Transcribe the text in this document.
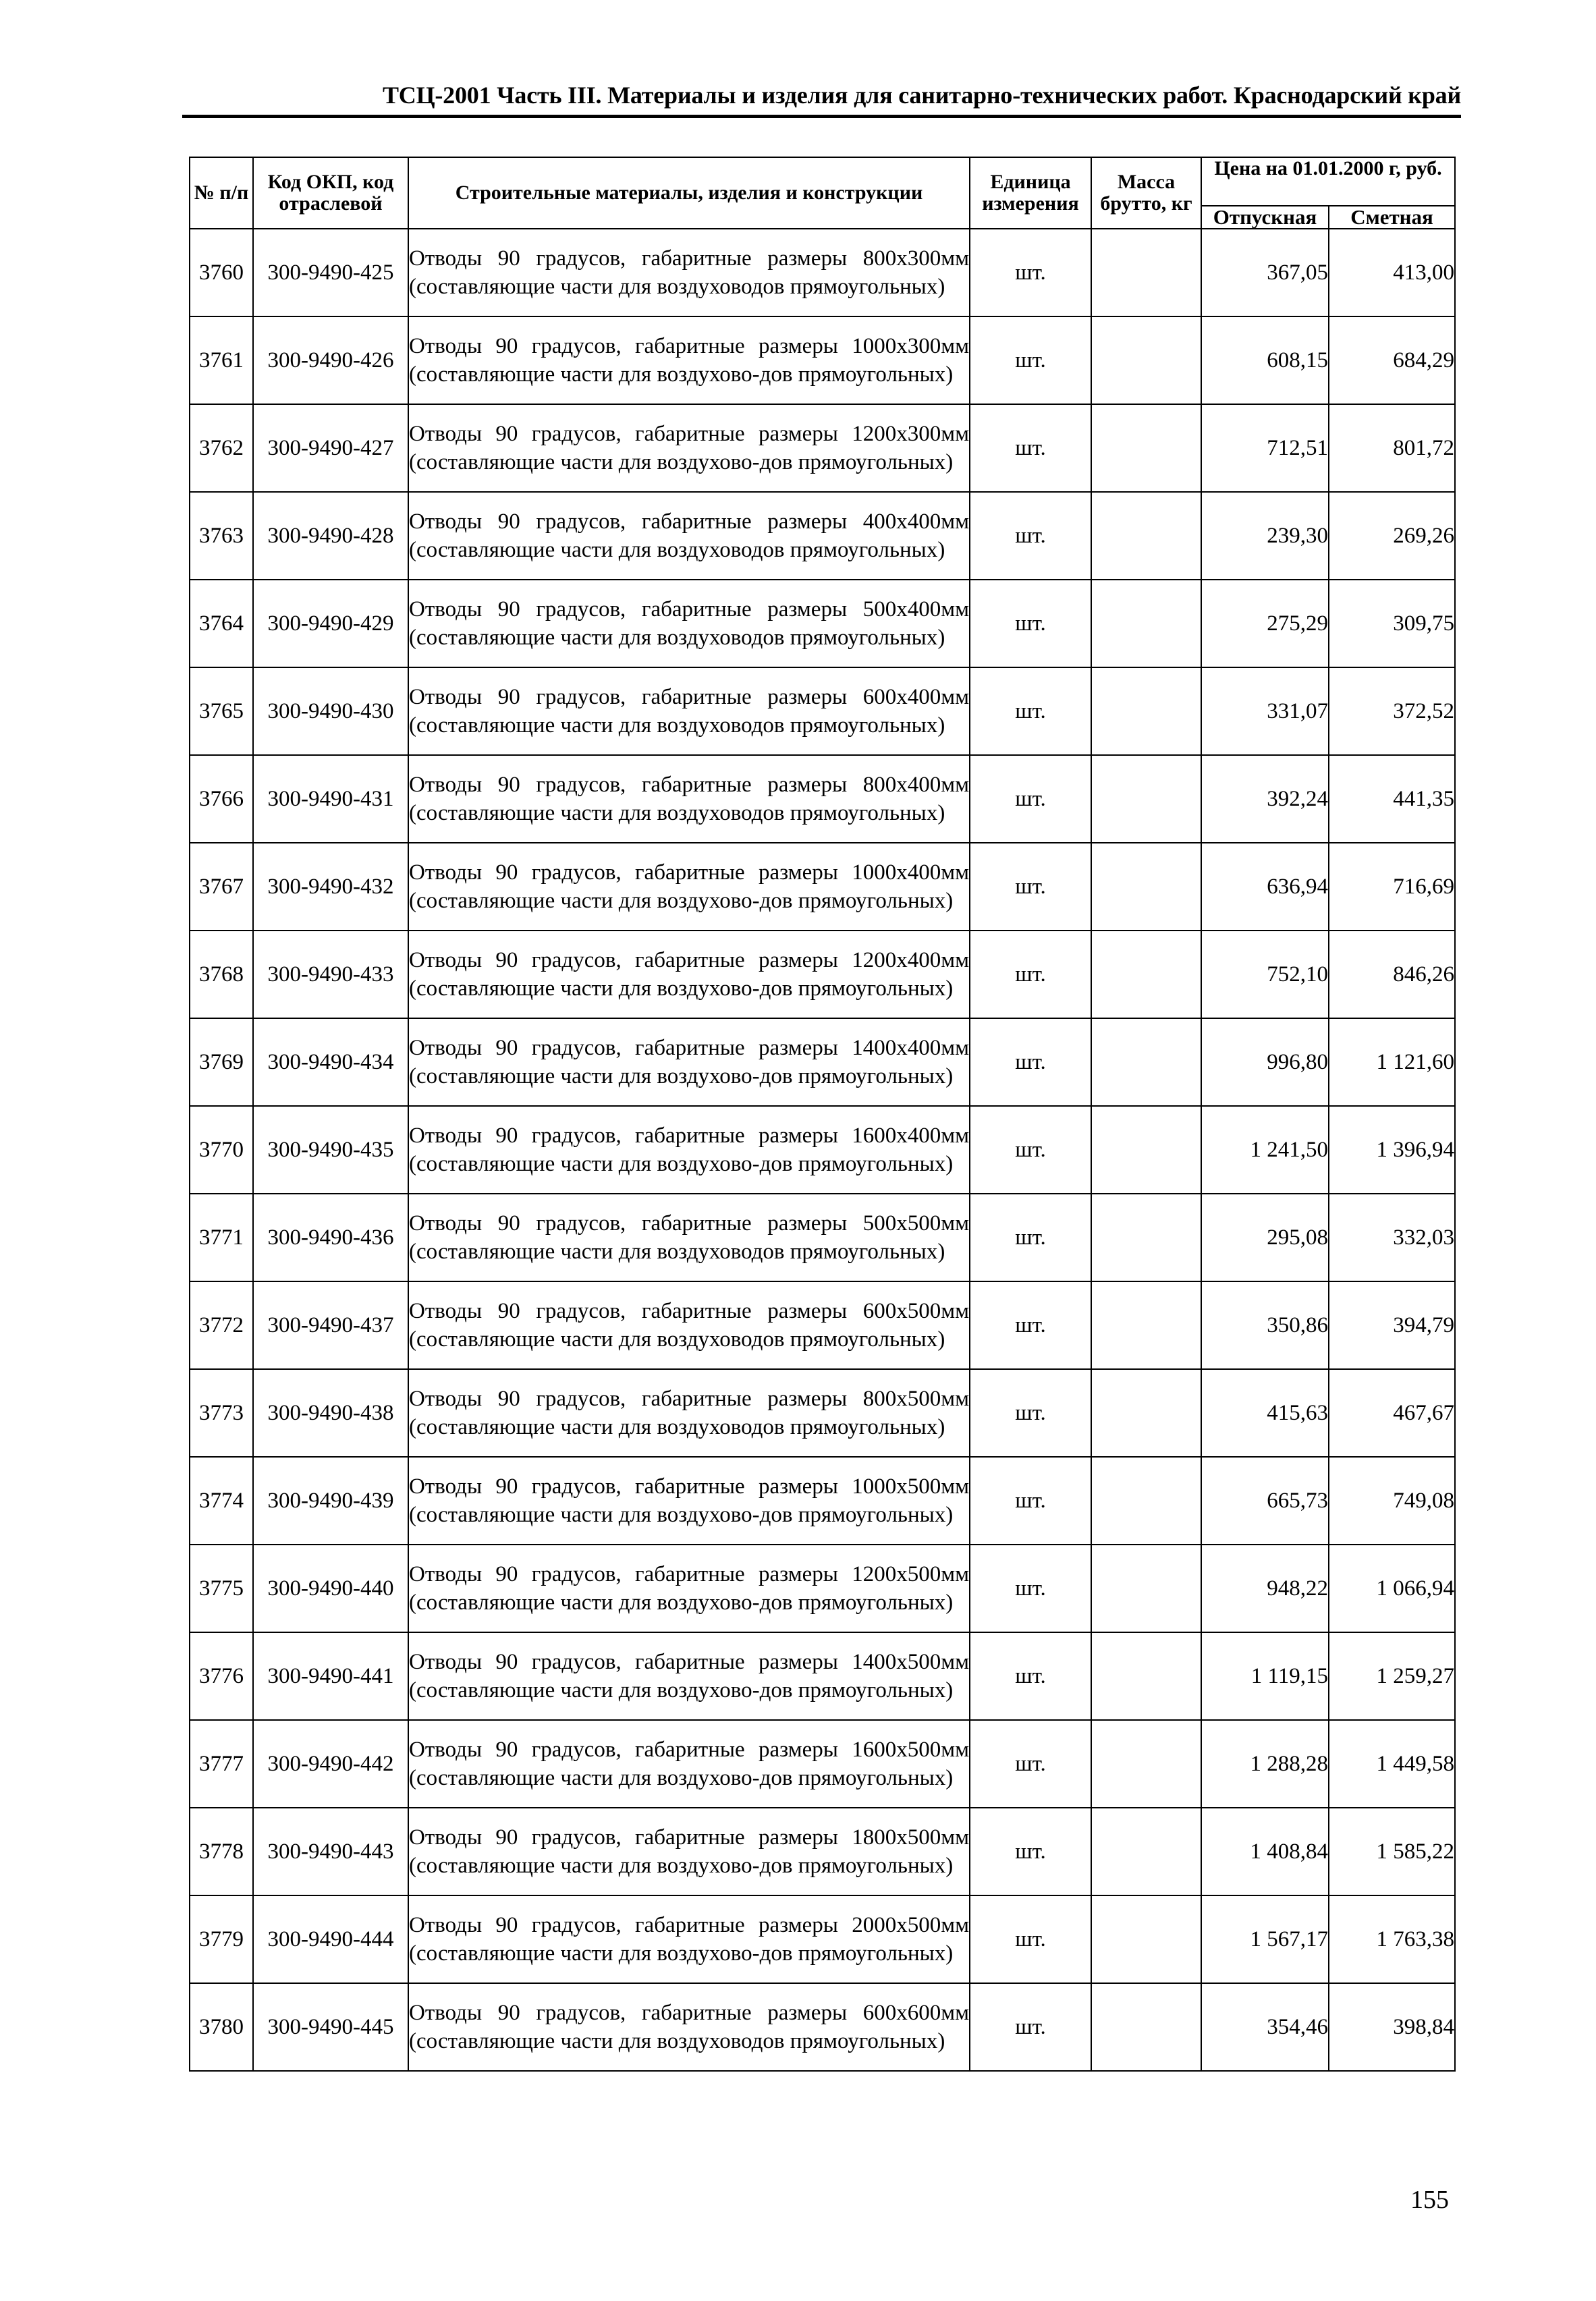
ТСЦ-2001 Часть III. Материалы и изделия для санитарно-технических работ. Краснодарский край
№ п/п	Код ОКП, код отраслевой	Строительные материалы, изделия и конструкции	Единица измерения	Масса брутто, кг	Цена на 01.01.2000 г, руб.	
					Отпускная	Сметная
3760	300-9490-425	Отводы 90 градусов, габаритные размеры 800х300мм (составляющие части для воздуховодов прямоугольных)	шт.		367,05	413,00
3761	300-9490-426	Отводы 90 градусов, габаритные размеры 1000х300мм (составляющие части для воздухово-дов прямоугольных)	шт.		608,15	684,29
3762	300-9490-427	Отводы 90 градусов, габаритные размеры 1200х300мм (составляющие части для воздухово-дов прямоугольных)	шт.		712,51	801,72
3763	300-9490-428	Отводы 90 градусов, габаритные размеры 400х400мм (составляющие части для воздуховодов прямоугольных)	шт.		239,30	269,26
3764	300-9490-429	Отводы 90 градусов, габаритные размеры 500х400мм (составляющие части для воздуховодов прямоугольных)	шт.		275,29	309,75
3765	300-9490-430	Отводы 90 градусов, габаритные размеры 600х400мм (составляющие части для воздуховодов прямоугольных)	шт.		331,07	372,52
3766	300-9490-431	Отводы 90 градусов, габаритные размеры 800х400мм (составляющие части для воздуховодов прямоугольных)	шт.		392,24	441,35
3767	300-9490-432	Отводы 90 градусов, габаритные размеры 1000х400мм (составляющие части для воздухово-дов прямоугольных)	шт.		636,94	716,69
3768	300-9490-433	Отводы 90 градусов, габаритные размеры 1200х400мм (составляющие части для воздухово-дов прямоугольных)	шт.		752,10	846,26
3769	300-9490-434	Отводы 90 градусов, габаритные размеры 1400х400мм (составляющие части для воздухово-дов прямоугольных)	шт.		996,80	1 121,60
3770	300-9490-435	Отводы 90 градусов, габаритные размеры 1600х400мм (составляющие части для воздухово-дов прямоугольных)	шт.		1 241,50	1 396,94
3771	300-9490-436	Отводы 90 градусов, габаритные размеры 500х500мм (составляющие части для воздуховодов прямоугольных)	шт.		295,08	332,03
3772	300-9490-437	Отводы 90 градусов, габаритные размеры 600х500мм (составляющие части для воздуховодов прямоугольных)	шт.		350,86	394,79
3773	300-9490-438	Отводы 90 градусов, габаритные размеры 800х500мм (составляющие части для воздуховодов прямоугольных)	шт.		415,63	467,67
3774	300-9490-439	Отводы 90 градусов, габаритные размеры 1000х500мм (составляющие части для воздухово-дов прямоугольных)	шт.		665,73	749,08
3775	300-9490-440	Отводы 90 градусов, габаритные размеры 1200х500мм (составляющие части для воздухово-дов прямоугольных)	шт.		948,22	1 066,94
3776	300-9490-441	Отводы 90 градусов, габаритные размеры 1400х500мм (составляющие части для воздухово-дов прямоугольных)	шт.		1 119,15	1 259,27
3777	300-9490-442	Отводы 90 градусов, габаритные размеры 1600х500мм (составляющие части для воздухово-дов прямоугольных)	шт.		1 288,28	1 449,58
3778	300-9490-443	Отводы 90 градусов, габаритные размеры 1800х500мм (составляющие части для воздухово-дов прямоугольных)	шт.		1 408,84	1 585,22
3779	300-9490-444	Отводы 90 градусов, габаритные размеры 2000х500мм (составляющие части для воздухово-дов прямоугольных)	шт.		1 567,17	1 763,38
3780	300-9490-445	Отводы 90 градусов, габаритные размеры 600х600мм (составляющие части для воздуховодов прямоугольных)	шт.		354,46	398,84
155
